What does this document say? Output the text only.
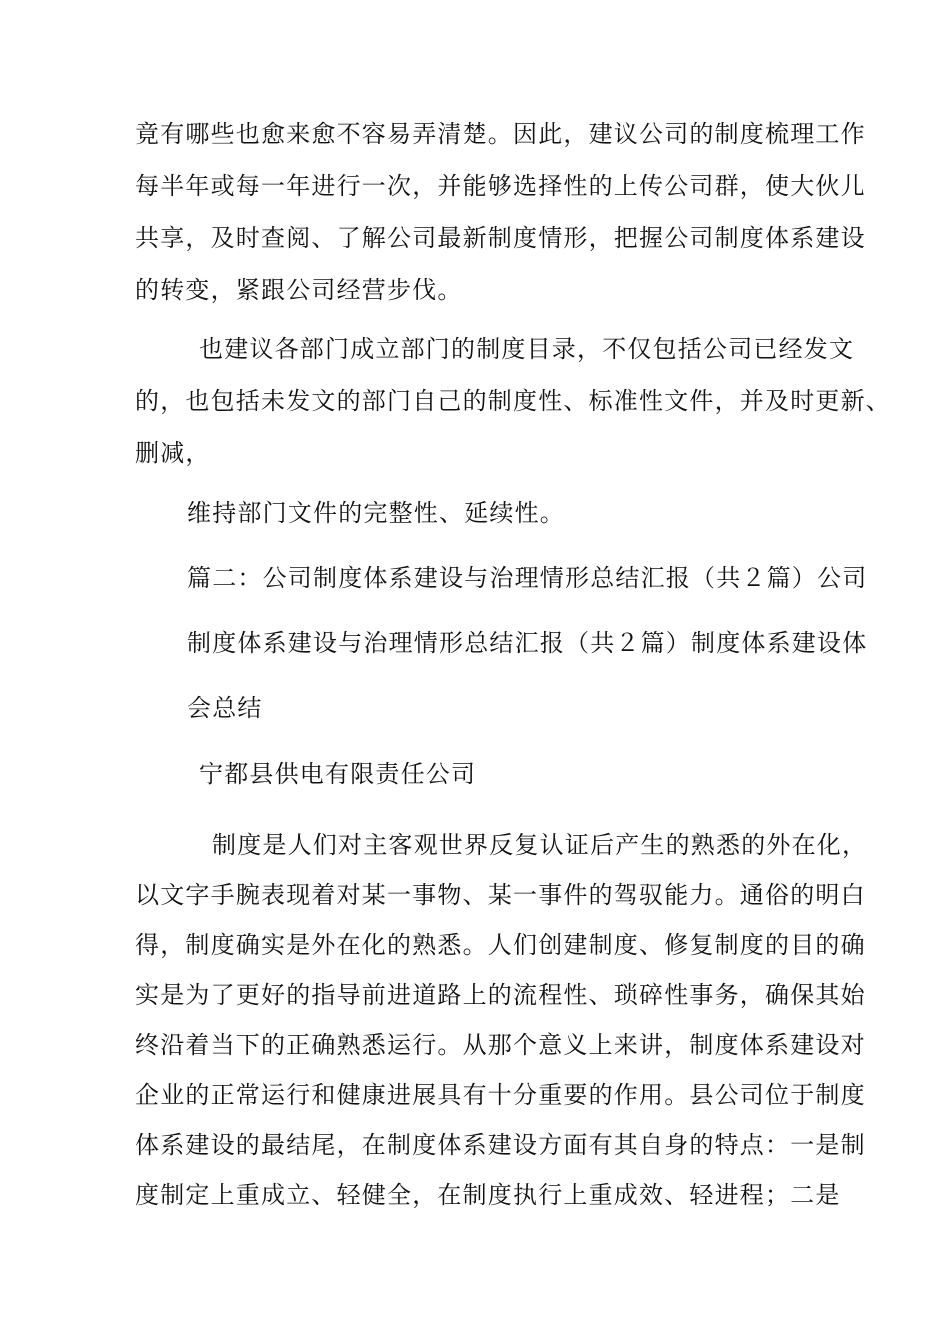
竟有哪些也愈来愈不容易弄清楚。因此，建议公司的制度梳理工作
每半年或每一年进行一次，并能够选择性的上传公司群，使大伙儿
共享，及时查阅、了解公司最新制度情形，把握公司制度体系建设
的转变，紧跟公司经营步伐。
也建议各部门成立部门的制度目录，不仅包括公司已经发文
的，也包括未发文的部门自己的制度性、标准性文件，并及时更新、
删减，
维持部门文件的完整性、延续性。
篇二：公司制度体系建设与治理情形总结汇报（共２篇）公司
制度体系建设与治理情形总结汇报（共２篇）制度体系建设体
会总结
宁都县供电有限责任公司
制度是人们对主客观世界反复认证后产生的熟悉的外在化，
以文字手腕表现着对某一事物、某一事件的驾驭能力。通俗的明白
得，制度确实是外在化的熟悉。人们创建制度、修复制度的目的确
实是为了更好的指导前进道路上的流程性、琐碎性事务，确保其始
终沿着当下的正确熟悉运行。从那个意义上来讲，制度体系建设对
企业的正常运行和健康进展具有十分重要的作用。县公司位于制度
体系建设的最结尾，在制度体系建设方面有其自身的特点：一是制
度制定上重成立、轻健全，在制度执行上重成效、轻进程；二是
